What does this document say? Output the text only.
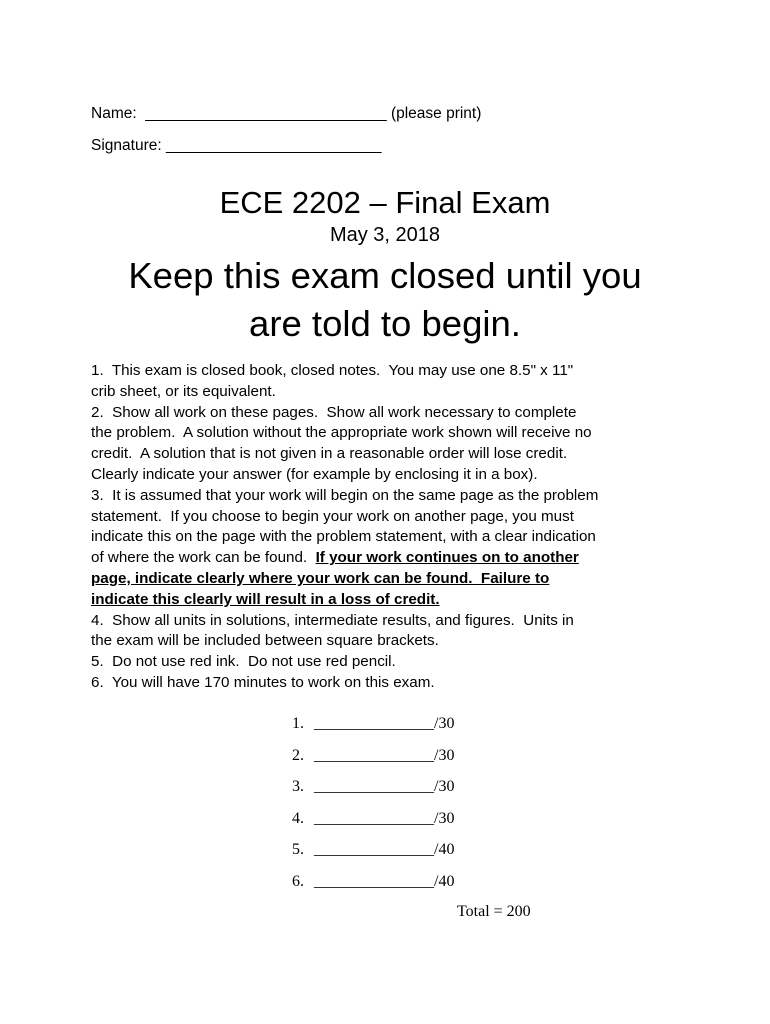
Name:  ____________________________ (please print)
Signature: _________________________
ECE 2202 – Final Exam
May 3, 2018
Keep this exam closed until you
are told to begin.
1.  This exam is closed book, closed notes.  You may use one 8.5" x 11"
crib sheet, or its equivalent.
2.  Show all work on these pages.  Show all work necessary to complete
the problem.  A solution without the appropriate work shown will receive no
credit.  A solution that is not given in a reasonable order will lose credit.
Clearly indicate your answer (for example by enclosing it in a box).
3.  It is assumed that your work will begin on the same page as the problem
statement.  If you choose to begin your work on another page, you must
indicate this on the page with the problem statement, with a clear indication
of where the work can be found.  If your work continues on to another
page, indicate clearly where your work can be found.  Failure to
indicate this clearly will result in a loss of credit.
4.  Show all units in solutions, intermediate results, and figures.  Units in
the exam will be included between square brackets.
5.  Do not use red ink.  Do not use red pencil.
6.  You will have 170 minutes to work on this exam.
1. _______________/30
2. _______________/30
3. _______________/30
4. _______________/30
5. _______________/40
6. _______________/40
Total = 200
